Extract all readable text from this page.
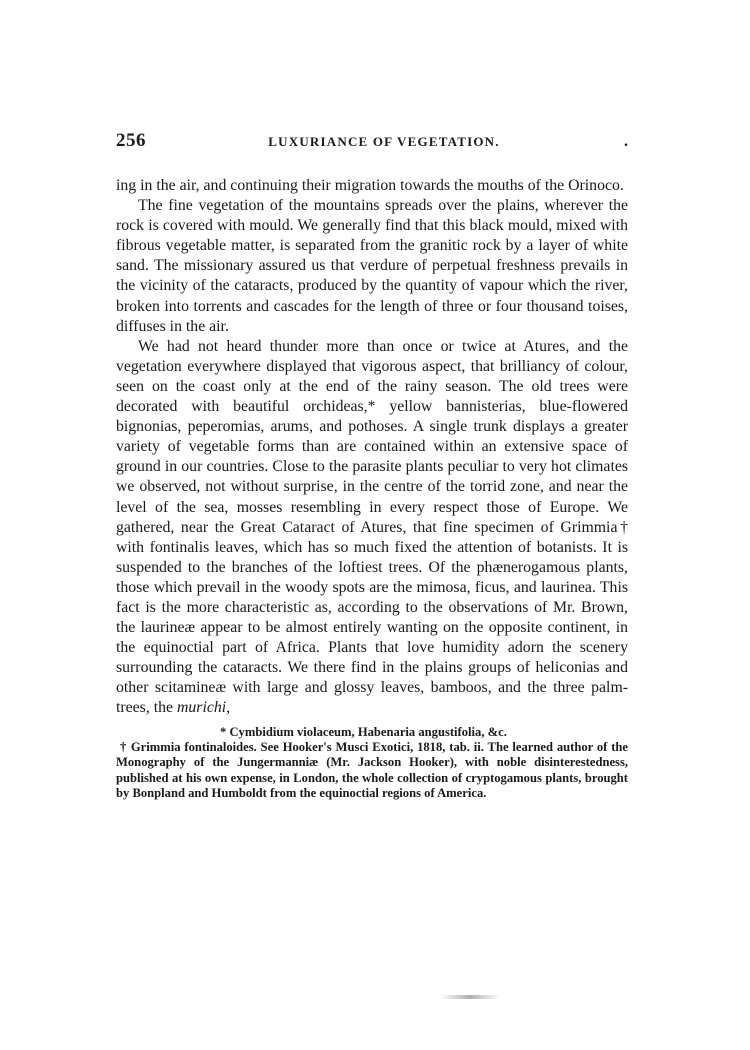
256	LUXURIANCE OF VEGETATION.	.

ing in the air, and continuing their migration towards the mouths of the Orinoco.

The fine vegetation of the mountains spreads over the plains, wherever the rock is covered with mould. We generally find that this black mould, mixed with fibrous vegetable matter, is separated from the granitic rock by a layer of white sand. The missionary assured us that verdure of perpetual freshness prevails in the vicinity of the cataracts, produced by the quantity of vapour which the river, broken into torrents and cascades for the length of three or four thousand toises, diffuses in the air.

We had not heard thunder more than once or twice at Atures, and the vegetation everywhere displayed that vigorous aspect, that brilliancy of colour, seen on the coast only at the end of the rainy season. The old trees were decorated with beautiful orchideas,* yellow bannisterias, blue-flowered bignonias, peperomias, arums, and pothoses. A single trunk displays a greater variety of vegetable forms than are contained within an extensive space of ground in our countries. Close to the parasite plants peculiar to very hot climates we observed, not without surprise, in the centre of the torrid zone, and near the level of the sea, mosses resembling in every respect those of Europe. We gathered, near the Great Cataract of Atures, that fine specimen of Grimmia† with fontinalis leaves, which has so much fixed the attention of botanists. It is suspended to the branches of the loftiest trees. Of the phænerogamous plants, those which prevail in the woody spots are the mimosa, ficus, and laurinea. This fact is the more characteristic as, according to the observations of Mr. Brown, the laurineæ appear to be almost entirely wanting on the opposite continent, in the equinoctial part of Africa. Plants that love humidity adorn the scenery surrounding the cataracts. We there find in the plains groups of heliconias and other scitamineæ with large and glossy leaves, bamboos, and the three palm-trees, the murichi,

* Cymbidium violaceum, Habenaria angustifolia, &c.

† Grimmia fontinaloides. See Hooker's Musci Exotici, 1818, tab. ii. The learned author of the Monography of the Jungermanniæ (Mr. Jackson Hooker), with noble disinterestedness, published at his own expense, in London, the whole collection of cryptogamous plants, brought by Bonpland and Humboldt from the equinoctial regions of America.
